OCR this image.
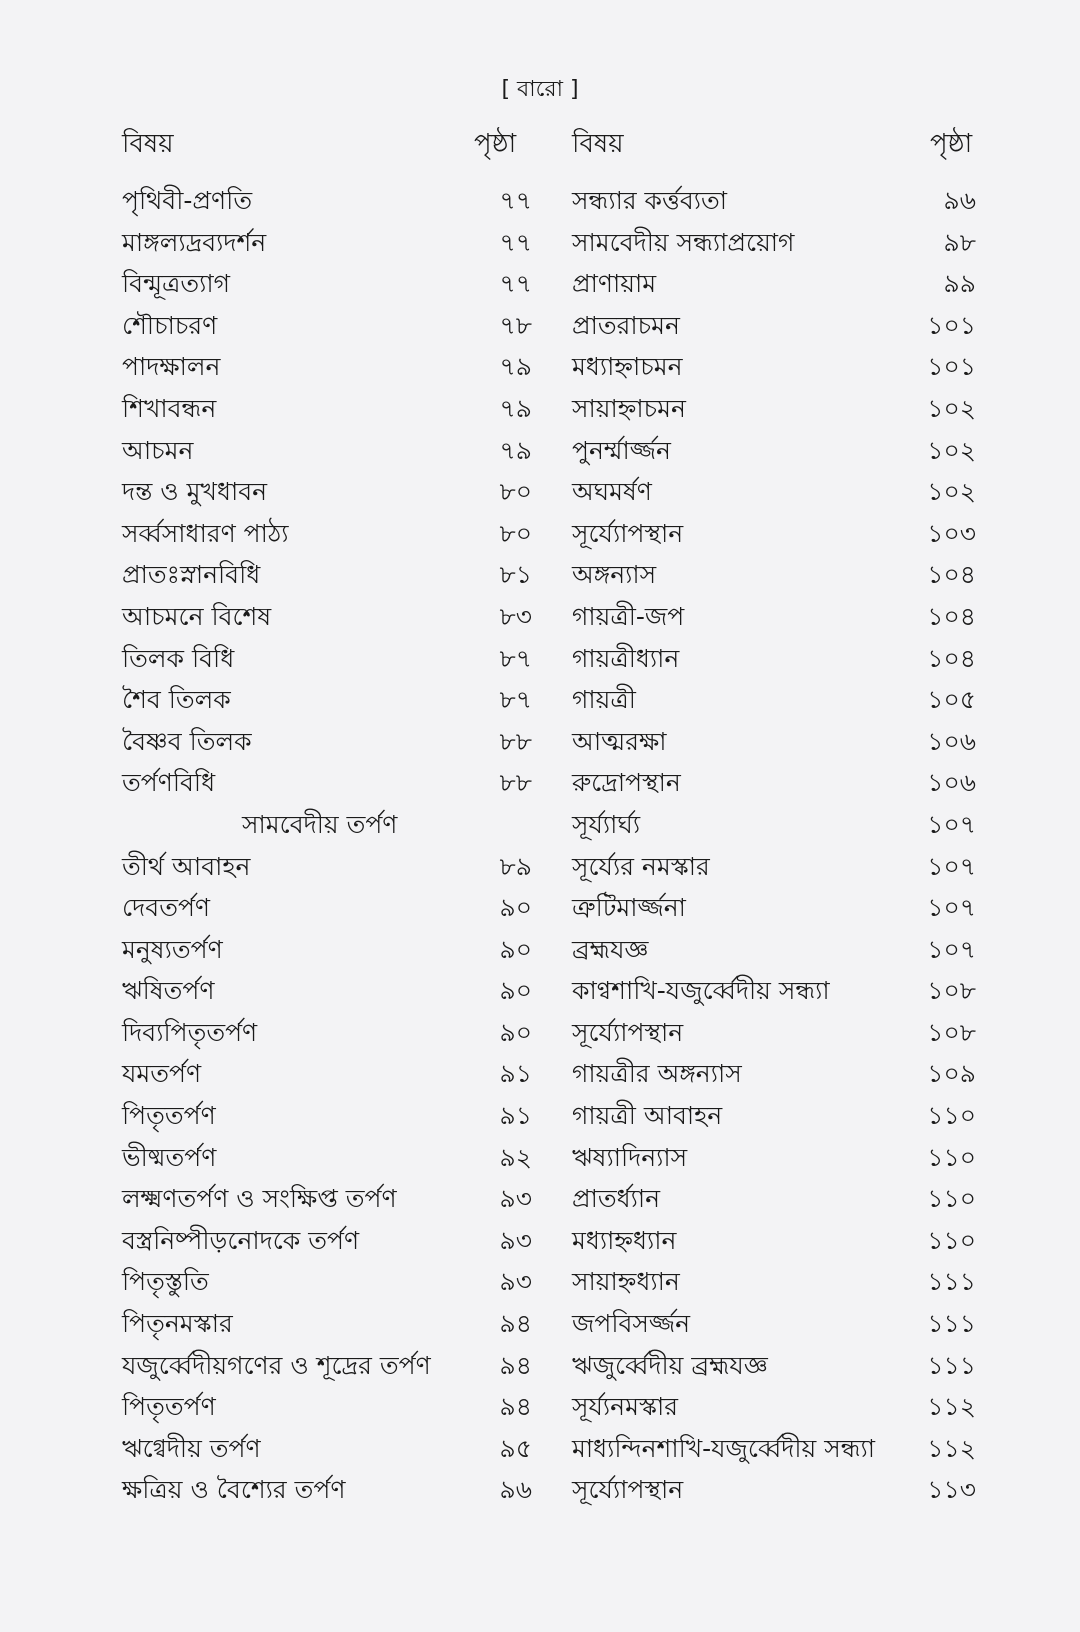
[ বারো ]
বিষয়	পৃষ্ঠা বিষয়	পৃষ্ঠা
পৃথিবী-প্রণতি	৭৭
মাঙ্গল্যদ্রব্যদর্শন	৭৭
বিন্মূত্রত্যাগ	৭৭
শৌচাচরণ	৭৮
পাদক্ষালন	৭৯
শিখাবন্ধন	৭৯
আচমন	৭৯
দন্ত ও মুখধাবন	৮০
সর্ব্বসাধারণ পাঠ্য	৮০
প্রাতঃস্নানবিধি	৮১
আচমনে বিশেষ	৮৩
তিলক বিধি	৮৭
শৈব তিলক	৮৭
বৈষ্ণব তিলক	৮৮
তর্পণবিধি	৮৮
সামবেদীয় তর্পণ
তীর্থ আবাহন	৮৯
দেবতর্পণ	৯০
মনুষ্যতর্পণ	৯০
ঋষিতর্পণ	৯০
দিব্যপিতৃতর্পণ	৯০
যমতর্পণ	৯১
পিতৃতর্পণ	৯১
ভীষ্মতর্পণ	৯২
লক্ষ্মণতর্পণ ও সংক্ষিপ্ত তর্পণ	৯৩
বস্ত্রনিষ্পীড়নোদকে তর্পণ	৯৩
পিতৃস্তুতি	৯৩
পিতৃনমস্কার	৯৪
যজুর্ব্বেদীয়গণের ও শূদ্রের তর্পণ	৯৪
পিতৃতর্পণ	৯৪
ঋগ্বেদীয় তর্পণ	৯৫
ক্ষত্রিয় ও বৈশ্যের তর্পণ	৯৬
সন্ধ্যার কর্ত্তব্যতা	৯৬
সামবেদীয় সন্ধ্যাপ্রয়োগ	৯৮
প্রাণায়াম	৯৯
প্রাতরাচমন	১০১
মধ্যাহ্নাচমন	১০১
সায়াহ্নাচমন	১০২
পুনর্ম্মার্জ্জন	১০২
অঘমর্ষণ	১০২
সূর্য্যোপস্থান	১০৩
অঙ্গন্যাস	১০৪
গায়ত্রী-জপ	১০৪
গায়ত্রীধ্যান	১০৪
গায়ত্রী	১০৫
আত্মরক্ষা	১০৬
রুদ্রোপস্থান	১০৬
সূর্য্যার্ঘ্য	১০৭
সূর্য্যের নমস্কার	১০৭
ত্রুটিমার্জ্জনা	১০৭
ব্রহ্মযজ্ঞ	১০৭
কাণ্বশাখি-যজুর্ব্বেদীয় সন্ধ্যা	১০৮
সূর্য্যোপস্থান	১০৮
গায়ত্রীর অঙ্গন্যাস	১০৯
গায়ত্রী আবাহন	১১০
ঋষ্যাদিন্যাস	১১০
প্রাতর্ধ্যান	১১০
মধ্যাহ্নধ্যান	১১০
সায়াহ্নধ্যান	১১১
জপবিসর্জ্জন	১১১
ঋজুর্ব্বেদীয় ব্রহ্মযজ্ঞ	১১১
সূর্য্যনমস্কার	১১২
মাধ্যন্দিনশাখি-যজুর্ব্বেদীয় সন্ধ্যা ১১২
সূর্য্যোপস্থান	১১৩
